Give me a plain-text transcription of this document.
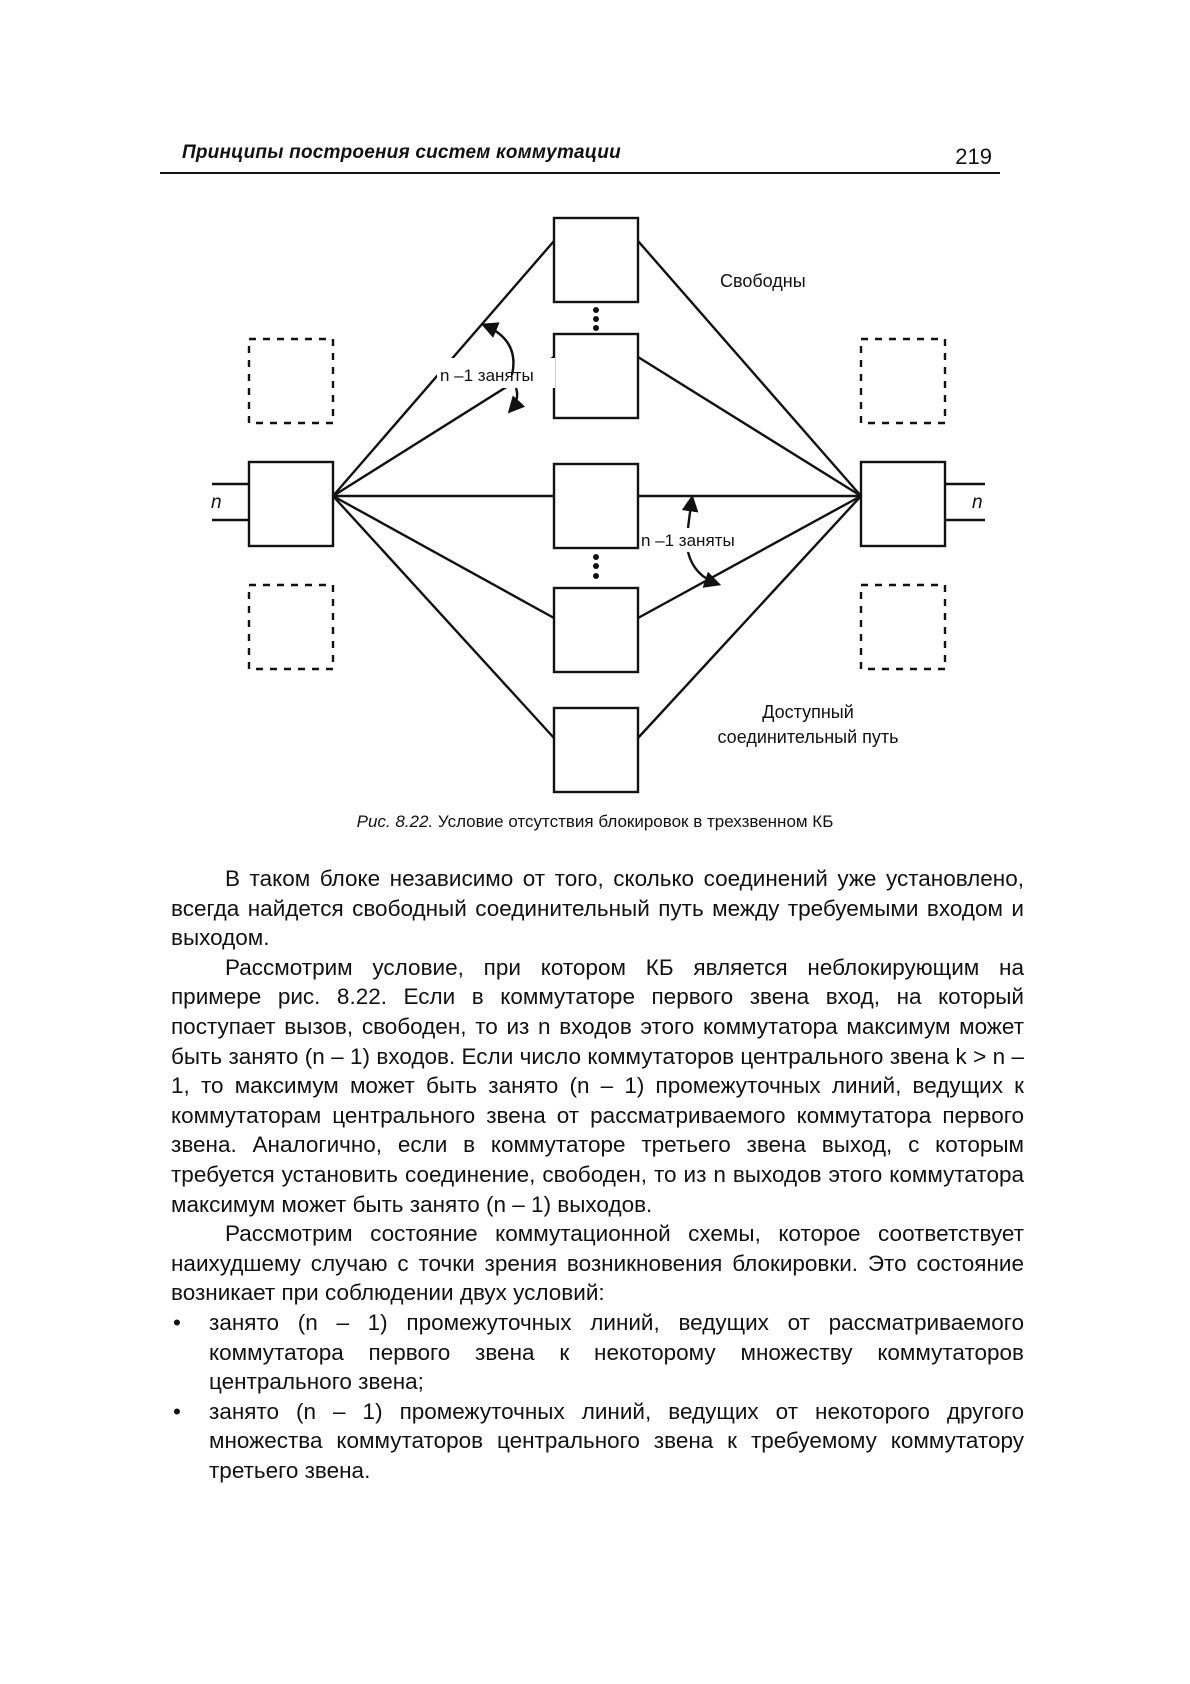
Принципы построения систем коммутации	219
n	n
Свободны
n –1 заняты
n –1 заняты
Доступный
соединительный путь
Рис. 8.22. Условие отсутствия блокировок в трехзвенном КБ

В таком блоке независимо от того, сколько соединений уже установлено, всегда найдется свободный соединительный путь между требуемыми входом и выходом.

Рассмотрим условие, при котором КБ является неблокирующим на примере рис. 8.22. Если в коммутаторе первого звена вход, на который поступает вызов, свободен, то из n входов этого коммутатора максимум может быть занято (n – 1) входов. Если число коммутаторов центрального звена k > n – 1, то максимум может быть занято (n – 1) промежуточных линий, ведущих к коммутаторам центрального звена от рассматриваемого коммутатора первого звена. Аналогично, если в коммутаторе третьего звена выход, с которым требуется установить соединение, свободен, то из n выходов этого коммутатора максимум может быть занято (n – 1) выходов.

Рассмотрим состояние коммутационной схемы, которое соответствует наихудшему случаю с точки зрения возникновения блокировки. Это состояние возникает при соблюдении двух условий:

• занято (n – 1) промежуточных линий, ведущих от рассматриваемого коммутатора первого звена к некоторому множеству коммутаторов центрального звена;
• занято (n – 1) промежуточных линий, ведущих от некоторого другого множества коммутаторов центрального звена к требуемому коммутатору третьего звена.
